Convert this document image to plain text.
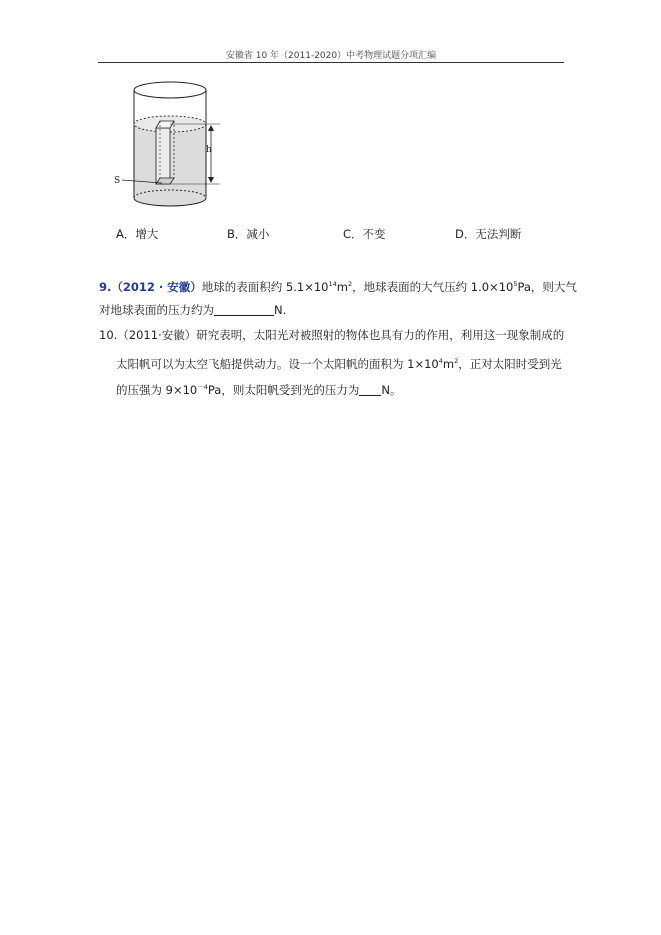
安徽省 10 年（2011-2020）中考物理试题分项汇编
h
S
A．增大	B．减小	C．不变	D．无法判断
9.（2012 · 安徽）地球的表面积约 $5.1\times 10^{14}m^2$，地球表面的大气压约 $1.0\times 10^5Pa$，则大气
对地球表面的压力约为	N.
10.（2011·安徽）研究表明，太阳光对被照射的物体也具有力的作用，利用这一现象制成的
太阳帆可以为太空飞船提供动力。设一个太阳帆的面积为 $1\times 10^4m^2$，正对太阳时受到光
的压强为 $9\times 10^{-4}Pa$，则太阳帆受到光的压力为 N。
